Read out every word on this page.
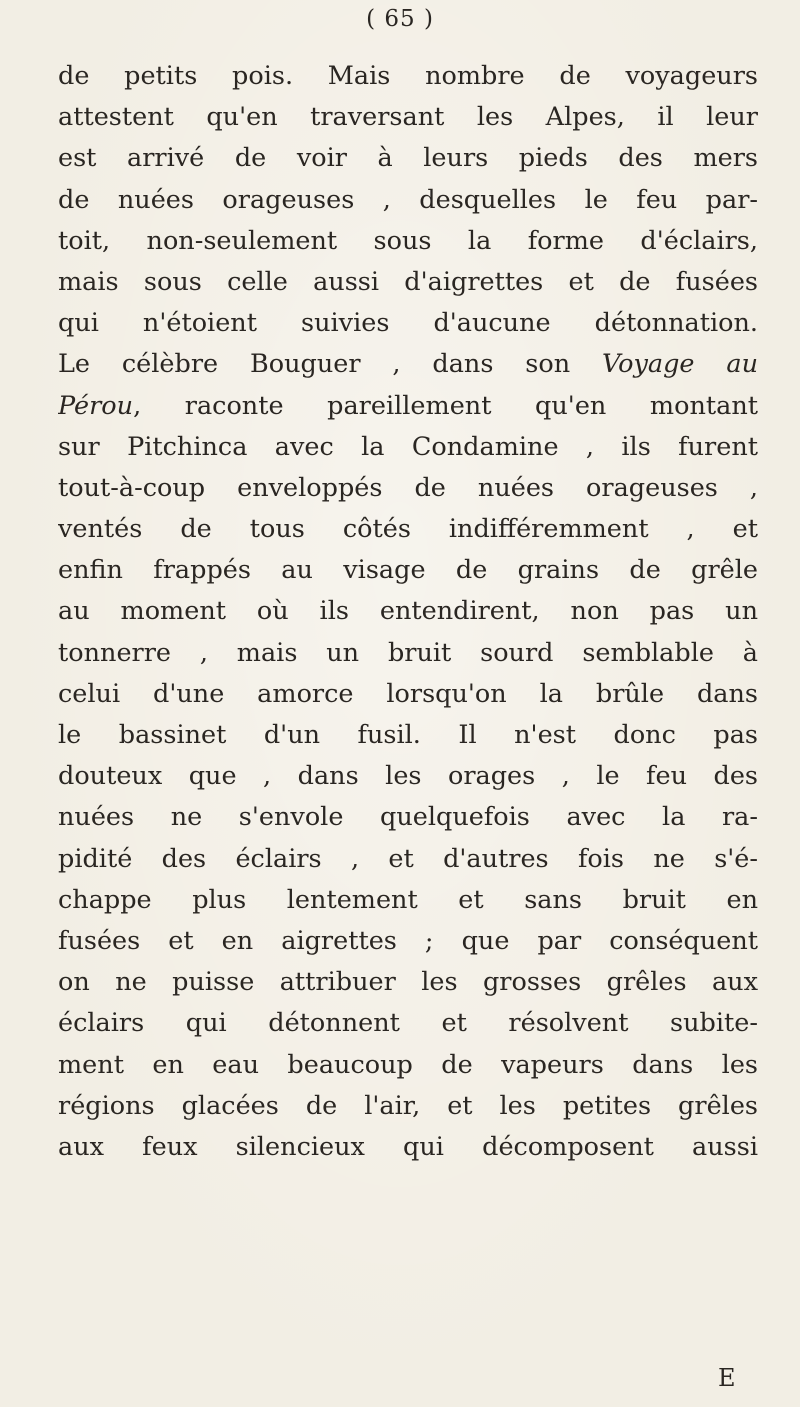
( 65 )
de petits pois. Mais nombre de voyageurs
attestent qu'en traversant les Alpes, il leur
est arrivé de voir à leurs pieds des mers
de nuées orageuses , desquelles le feu par-
toit, non-seulement sous la forme d'éclairs,
mais sous celle aussi d'aigrettes et de fusées
qui n'étoient suivies d'aucune détonnation.
Le célèbre Bouguer , dans son Voyage au
Pérou, raconte pareillement qu'en montant
sur Pitchinca avec la Condamine , ils furent
tout-à-coup enveloppés de nuées orageuses ,
ventés de tous côtés indifféremment , et
enfin frappés au visage de grains de grêle
au moment où ils entendirent, non pas un
tonnerre , mais un bruit sourd semblable à
celui d'une amorce lorsqu'on la brûle dans
le bassinet d'un fusil. Il n'est donc pas
douteux que , dans les orages , le feu des
nuées ne s'envole quelquefois avec la ra-
pidité des éclairs , et d'autres fois ne s'é-
chappe plus lentement et sans bruit en
fusées et en aigrettes ; que par conséquent
on ne puisse attribuer les grosses grêles aux
éclairs qui détonnent et résolvent subite-
ment en eau beaucoup de vapeurs dans les
régions glacées de l'air, et les petites grêles
aux feux silencieux qui décomposent aussi
E
